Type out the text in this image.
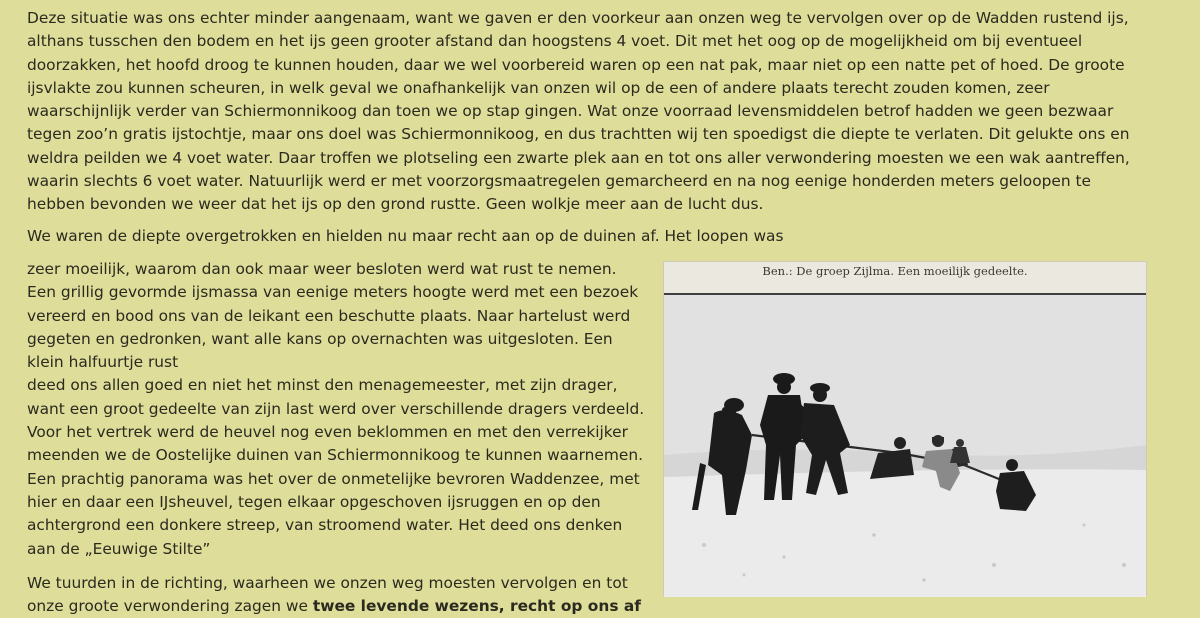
Deze situatie was ons echter minder aangenaam, want we gaven er den voorkeur aan onzen weg te vervolgen over op de Wadden rustend ijs,
althans tusschen den bodem en het ijs geen grooter afstand dan hoogstens 4 voet. Dit met het oog op de mogelijkheid om bij eventueel
doorzakken, het hoofd droog te kunnen houden, daar we wel voorbereid waren op een nat pak, maar niet op een natte pet of hoed. De groote
ijsvlakte zou kunnen scheuren, in welk geval we onafhankelijk van onzen wil op de een of andere plaats terecht zouden komen, zeer
waarschijnlijk verder van Schiermonnikoog dan toen we op stap gingen. Wat onze voorraad levensmiddelen betrof hadden we geen bezwaar
tegen zoo’n gratis ijstochtje, maar ons doel was Schiermonnikoog, en dus trachtten wij ten spoedigst die diepte te verlaten. Dit gelukte ons en
weldra peilden we 4 voet water. Daar troffen we plotseling een zwarte plek aan en tot ons aller verwondering moesten we een wak aantreffen,
waarin slechts 6 voet water. Natuurlijk werd er met voorzorgsmaatregelen gemarcheerd en na nog eenige honderden meters geloopen te
hebben bevonden we weer dat het ijs op den grond rustte. Geen wolkje meer aan de lucht dus.

We waren de diepte overgetrokken en hielden nu maar recht aan op de duinen af. Het loopen was

zeer moeilijk, waarom dan ook maar weer besloten werd wat rust te nemen.
Een grillig gevormde ijsmassa van eenige meters hoogte werd met een bezoek
vereerd en bood ons van de leikant een beschutte plaats. Naar hartelust werd
gegeten en gedronken, want alle kans op overnachten was uitgesloten. Een
klein halfuurtje rust
deed ons allen goed en niet het minst den menagemeester, met zijn drager,
want een groot gedeelte van zijn last werd over verschillende dragers verdeeld.
Voor het vertrek werd de heuvel nog even beklommen en met den verrekijker
meenden we de Oostelijke duinen van Schiermonnikoog te kunnen waarnemen.
Een prachtig panorama was het over de onmetelijke bevroren Waddenzee, met
hier en daar een IJsheuvel, tegen elkaar opgeschoven ijsruggen en op den
achtergrond een donkere streep, van stroomend water. Het deed ons denken
aan de „Eeuwige Stilte”

We tuurden in de richting, waarheen we onzen weg moesten vervolgen en tot
onze groote verwondering zagen we twee levende wezens, recht op ons af

Ben.: De groep Zijlma. Een moeilijk gedeelte.
